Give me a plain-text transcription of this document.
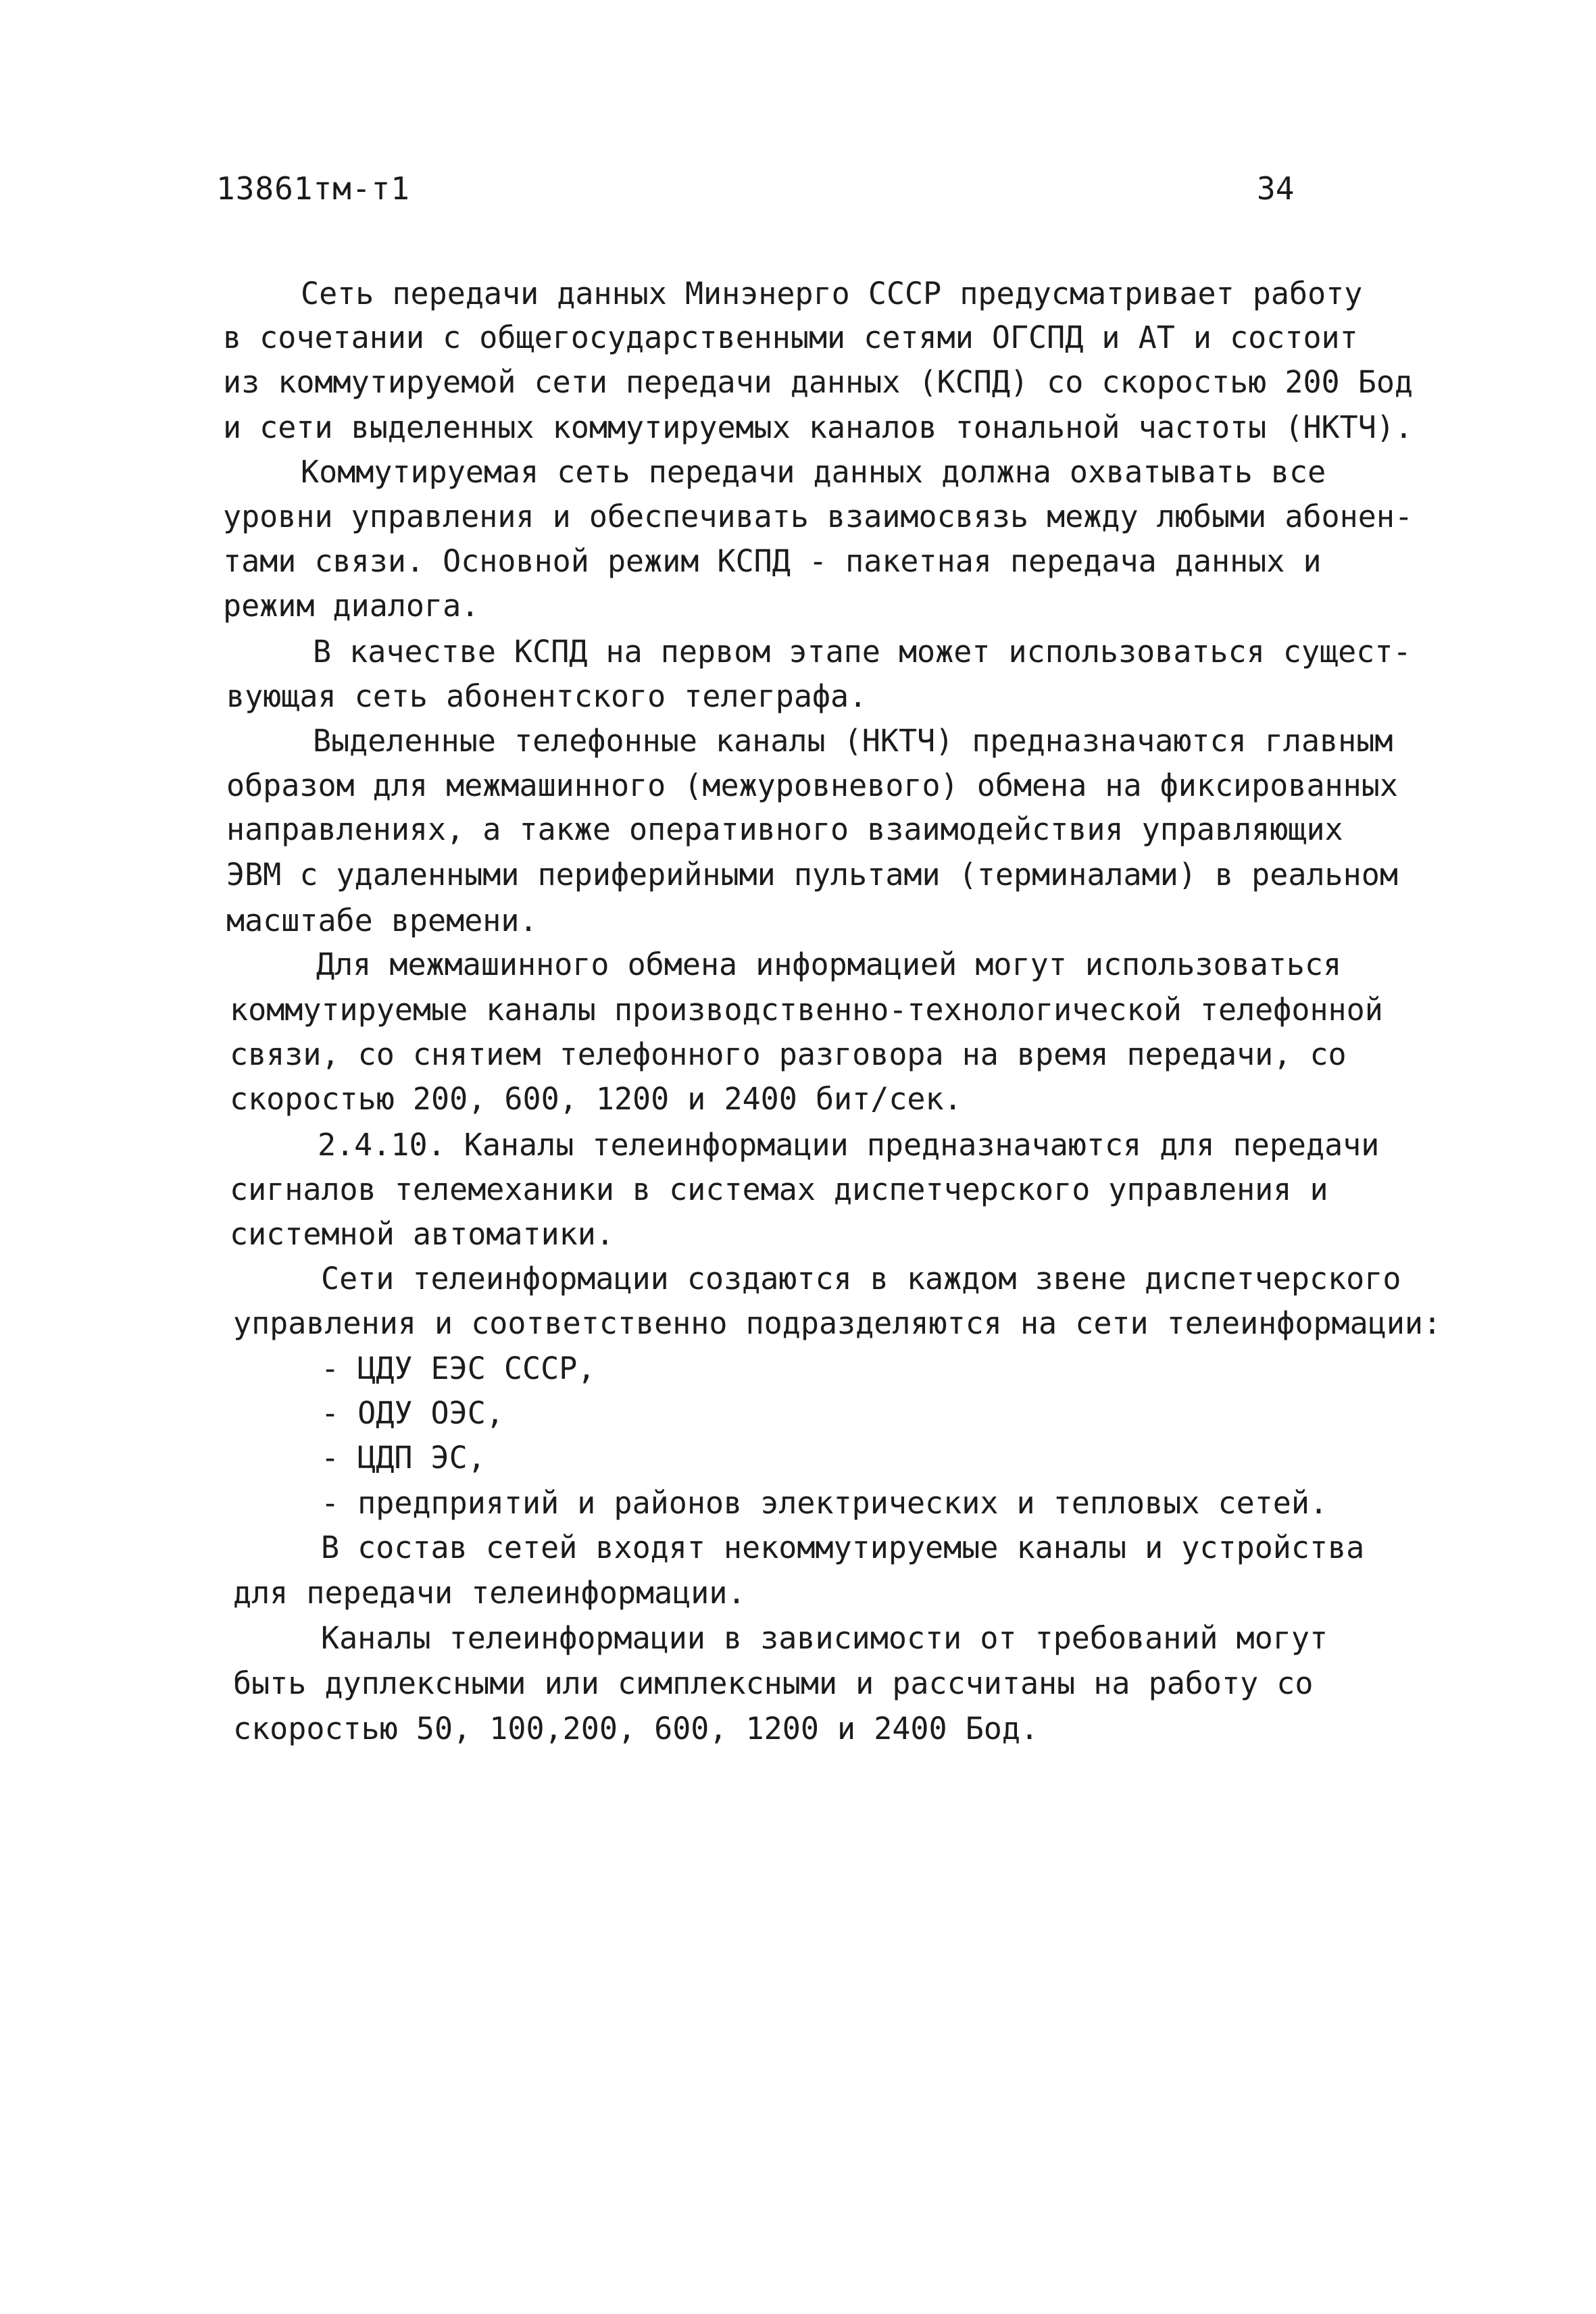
13861тм-т1	34
Сеть передачи данных Минэнерго СССР предусматривает работу
в сочетании с общегосударственными сетями ОГСПД и АТ и состоит
из коммутируемой сети передачи данных (КСПД) со скоростью 200 Бод
и сети выделенных коммутируемых каналов тональной частоты (НКТЧ).
Коммутируемая сеть передачи данных должна охватывать все
уровни управления и обеспечивать взаимосвязь между любыми абонен-
тами связи. Основной режим КСПД - пакетная передача данных и
режим диалога.
В качестве КСПД на первом этапе может использоваться сущест-
вующая сеть абонентского телеграфа.
Выделенные телефонные каналы (НКТЧ) предназначаются главным
образом для межмашинного (межуровневого) обмена на фиксированных
направлениях, а также оперативного взаимодействия управляющих
ЭВМ с удаленными периферийными пультами (терминалами) в реальном
масштабе времени.
Для межмашинного обмена информацией могут использоваться
коммутируемые каналы производственно-технологической телефонной
связи, со снятием телефонного разговора на время передачи, со
скоростью 200, 600, 1200 и 2400 бит/сек.
2.4.10. Каналы телеинформации предназначаются для передачи
сигналов телемеханики в системах диспетчерского управления и
системной автоматики.
Сети телеинформации создаются в каждом звене диспетчерского
управления и соответственно подразделяются на сети телеинформации:
- ЦДУ ЕЭС СССР,
- ОДУ ОЭС,
- ЦДП ЭС,
- предприятий и районов электрических и тепловых сетей.
В состав сетей входят некоммутируемые каналы и устройства
для передачи телеинформации.
Каналы телеинформации в зависимости от требований могут
быть дуплексными или симплексными и рассчитаны на работу со
скоростью 50, 100,200, 600, 1200 и 2400 Бод.
